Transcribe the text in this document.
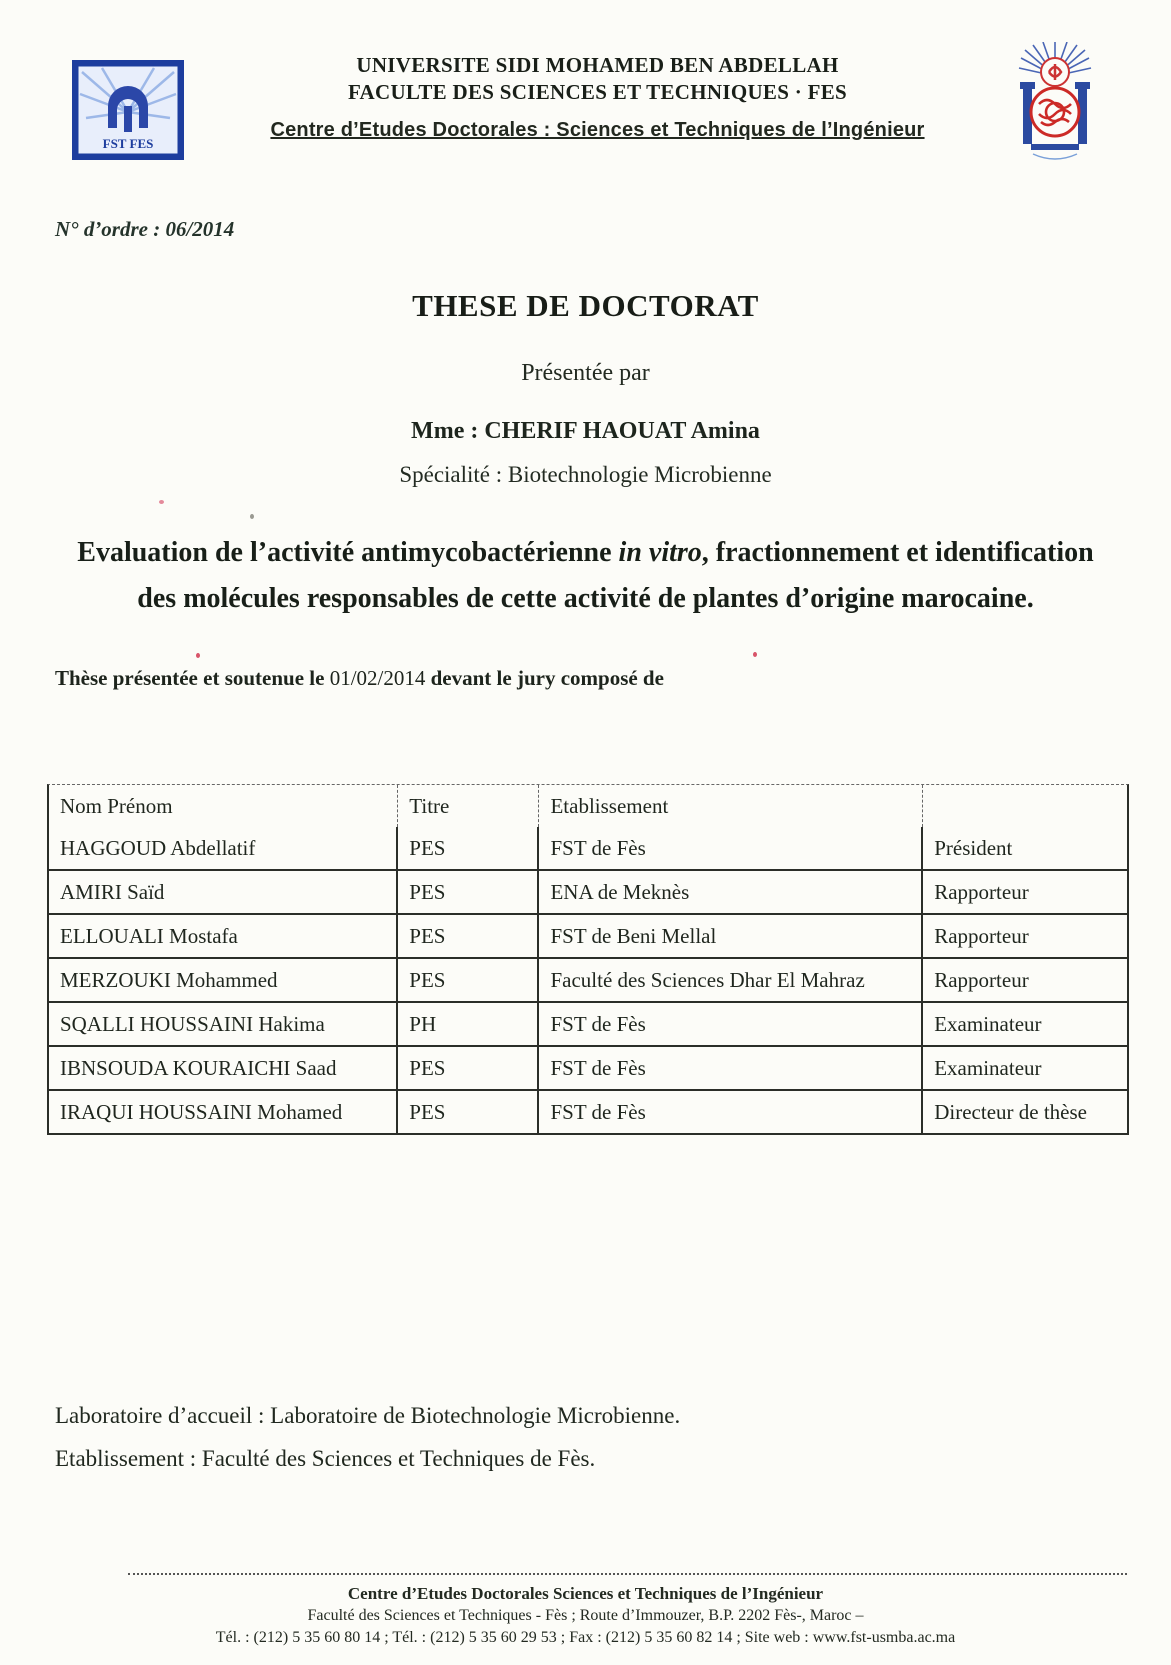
FST FES
UNIVERSITE SIDI MOHAMED BEN ABDELLAH
FACULTE DES SCIENCES ET TECHNIQUES · FES
Centre d’Etudes Doctorales : Sciences et Techniques de l’Ingénieur
N° d’ordre : 06/2014
THESE DE DOCTORAT
Présentée par
Mme : CHERIF HAOUAT Amina
Spécialité : Biotechnologie Microbienne
Evaluation de l’activité antimycobactérienne in vitro, fractionnement et identification des molécules responsables de cette activité de plantes d’origine marocaine.
Thèse présentée et soutenue le 01/02/2014 devant le jury composé de
Nom Prénom	Titre	Etablissement	
HAGGOUD Abdellatif	PES	FST de Fès	Président
AMIRI Saïd	PES	ENA de Meknès	Rapporteur
ELLOUALI Mostafa	PES	FST de Beni Mellal	Rapporteur
MERZOUKI Mohammed	PES	Faculté des Sciences Dhar El Mahraz	Rapporteur
SQALLI HOUSSAINI Hakima	PH	FST de Fès	Examinateur
IBNSOUDA KOURAICHI Saad	PES	FST de Fès	Examinateur
IRAQUI HOUSSAINI Mohamed	PES	FST de Fès	Directeur de thèse
Laboratoire d’accueil : Laboratoire de Biotechnologie Microbienne.
Etablissement : Faculté des Sciences et Techniques de Fès.
Centre d’Etudes Doctorales Sciences et Techniques de l’Ingénieur
Faculté des Sciences et Techniques - Fès ; Route d’Immouzer, B.P. 2202 Fès-, Maroc –
Tél. : (212) 5 35 60 80 14 ; Tél. : (212) 5 35 60 29 53 ; Fax : (212) 5 35 60 82 14 ; Site web : www.fst-usmba.ac.ma
